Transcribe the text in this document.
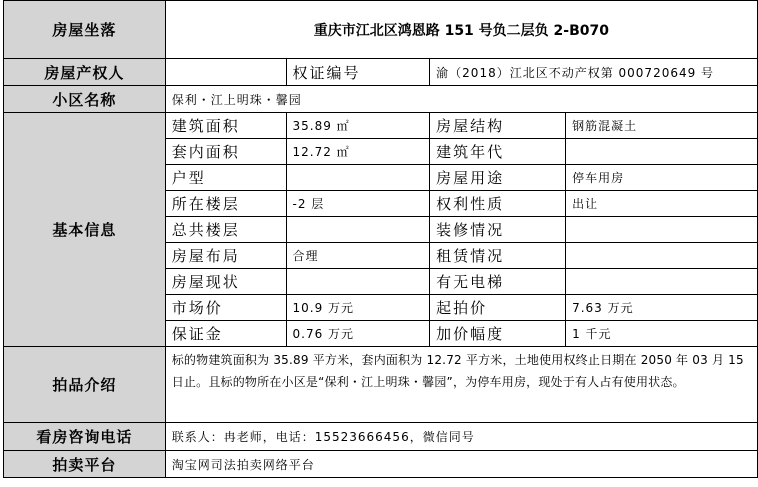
房屋坐落	重庆市江北区鸿恩路 151 号负二层负 2-B070			
房屋产权人		权证编号	渝（2018）江北区不动产权第 000720649 号	
小区名称	保利・江上明珠・馨园			
基本信息	建筑面积	35.89 ㎡	房屋结构	钢筋混凝土
	套内面积	12.72 ㎡	建筑年代	
	户型		房屋用途	停车用房
	所在楼层	-2 层	权利性质	出让
	总共楼层		装修情况	
	房屋布局	合理	租赁情况	
	房屋现状		有无电梯	
	市场价	10.9 万元	起拍价	7.63 万元
	保证金	0.76 万元	加价幅度	1 千元
拍品介绍	标的物建筑面积为 35.89 平方米，套内面积为 12.72 平方米，土地使用权终止日期在 2050 年 03 月 15 日止。且标的物所在小区是“保利・江上明珠・馨园”，为停车用房，现处于有人占有使用状态。			
看房咨询电话	联系人：冉老师，电话：15523666456，微信同号			
拍卖平台	淘宝网司法拍卖网络平台			
